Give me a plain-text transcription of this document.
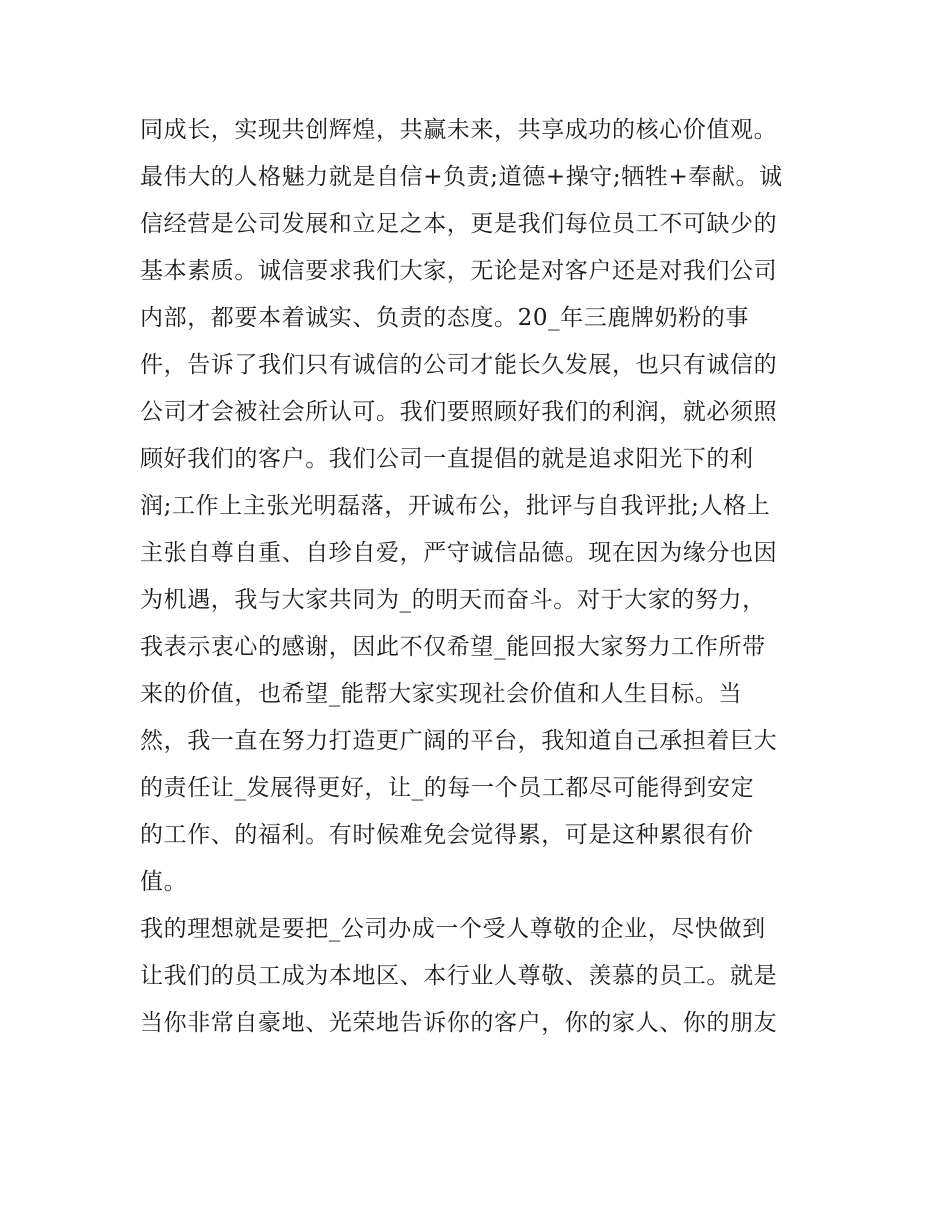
同成长，实现共创辉煌，共赢未来，共享成功的核心价值观。
最伟大的人格魅力就是自信+负责;道德+操守;牺牲+奉献。诚
信经营是公司发展和立足之本，更是我们每位员工不可缺少的
基本素质。诚信要求我们大家，无论是对客户还是对我们公司
内部，都要本着诚实、负责的态度。20_年三鹿牌奶粉的事
件，告诉了我们只有诚信的公司才能长久发展，也只有诚信的
公司才会被社会所认可。我们要照顾好我们的利润，就必须照
顾好我们的客户。我们公司一直提倡的就是追求阳光下的利
润;工作上主张光明磊落，开诚布公，批评与自我评批;人格上
主张自尊自重、自珍自爱，严守诚信品德。现在因为缘分也因
为机遇，我与大家共同为_的明天而奋斗。对于大家的努力，
我表示衷心的感谢，因此不仅希望_能回报大家努力工作所带
来的价值，也希望_能帮大家实现社会价值和人生目标。当
然，我一直在努力打造更广阔的平台，我知道自己承担着巨大
的责任让_发展得更好，让_的每一个员工都尽可能得到安定
的工作、的福利。有时候难免会觉得累，可是这种累很有价
值。
我的理想就是要把_公司办成一个受人尊敬的企业，尽快做到
让我们的员工成为本地区、本行业人尊敬、羡慕的员工。就是
当你非常自豪地、光荣地告诉你的客户，你的家人、你的朋友
